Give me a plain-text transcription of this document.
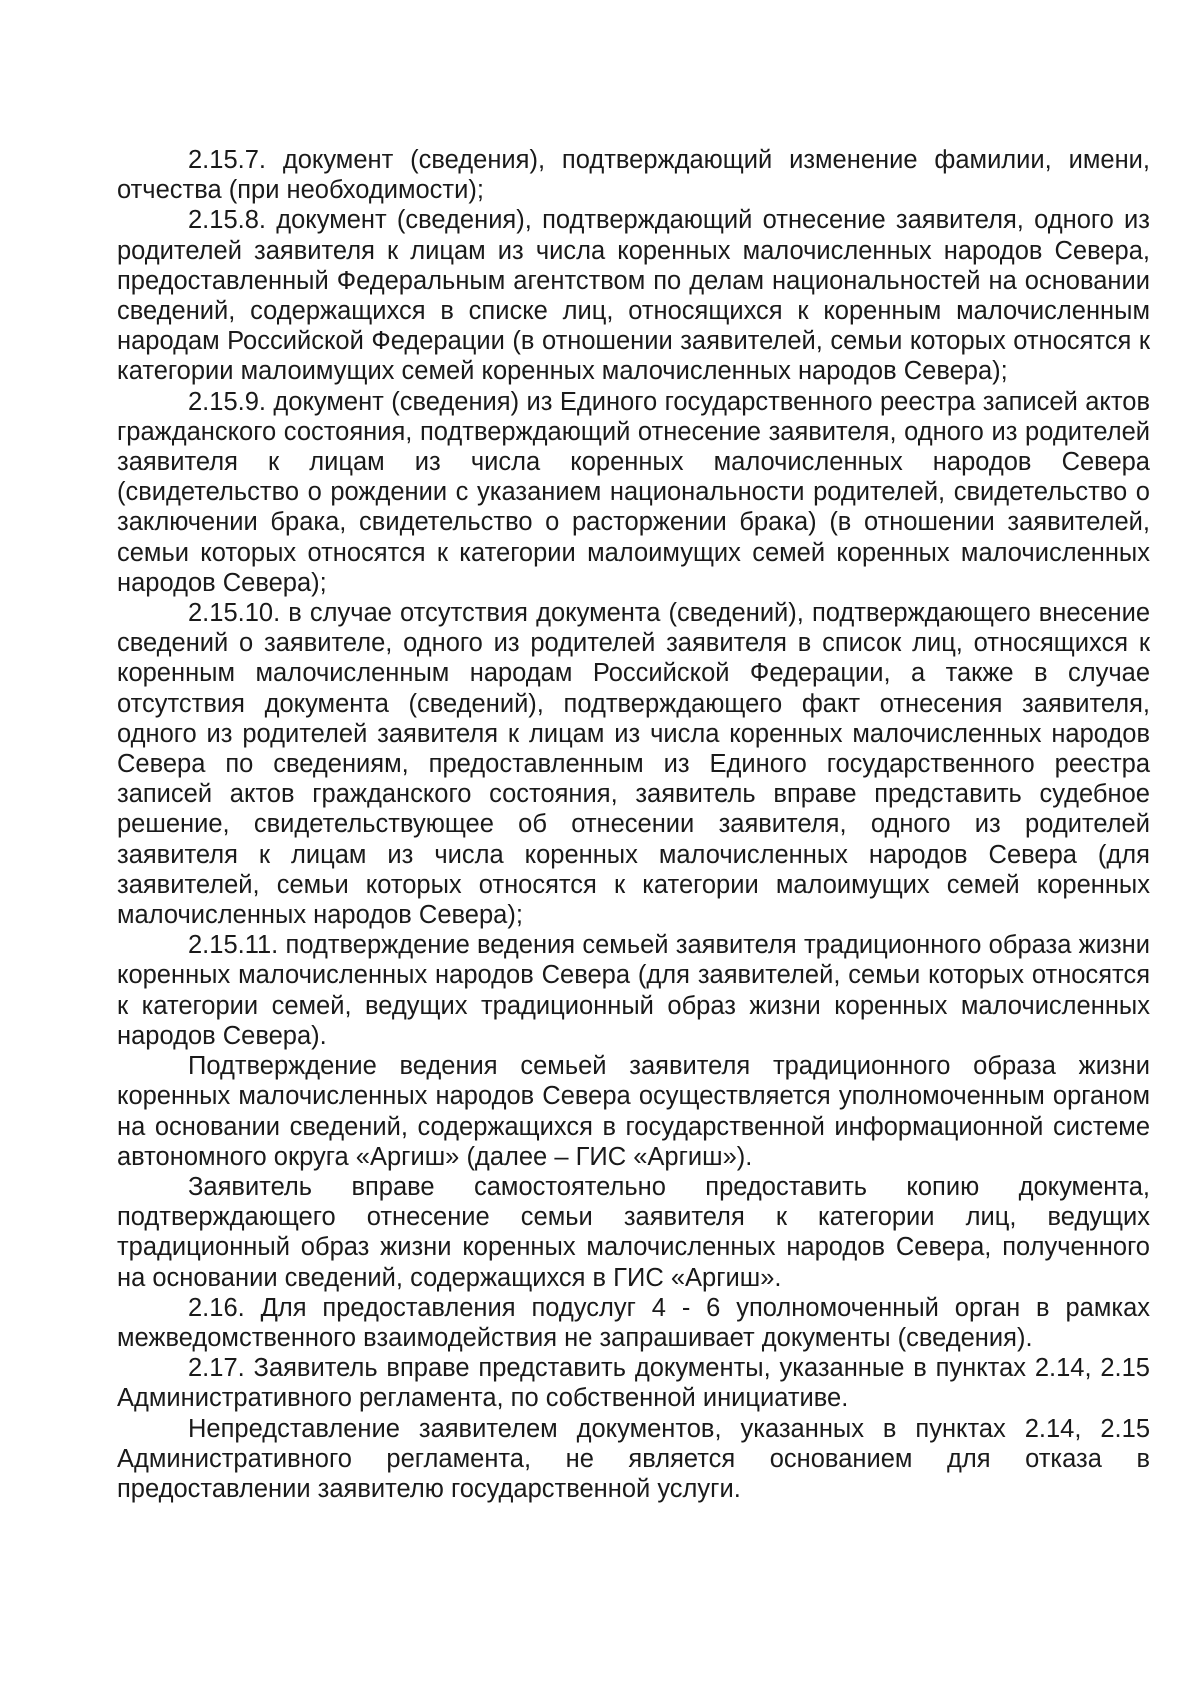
2.15.7. документ (сведения), подтверждающий изменение фамилии, имени, отчества (при необходимости);

2.15.8. документ (сведения), подтверждающий отнесение заявителя, одного из родителей заявителя к лицам из числа коренных малочисленных народов Севера, предоставленный Федеральным агентством по делам национальностей на основании сведений, содержащихся в списке лиц, относящихся к коренным малочисленным народам Российской Федерации (в отношении заявителей, семьи которых относятся к категории малоимущих семей коренных малочисленных народов Севера);

2.15.9. документ (сведения) из Единого государственного реестра записей актов гражданского состояния, подтверждающий отнесение заявителя, одного из родителей заявителя к лицам из числа коренных малочисленных народов Севера (свидетельство о рождении с указанием национальности родителей, свидетельство о заключении брака, свидетельство о расторжении брака) (в отношении заявителей, семьи которых относятся к категории малоимущих семей коренных малочисленных народов Севера);

2.15.10. в случае отсутствия документа (сведений), подтверждающего внесение сведений о заявителе, одного из родителей заявителя в список лиц, относящихся к коренным малочисленным народам Российской Федерации, а также в случае отсутствия документа (сведений), подтверждающего факт отнесения заявителя, одного из родителей заявителя к лицам из числа коренных малочисленных народов Севера по сведениям, предоставленным из Единого государственного реестра записей актов гражданского состояния, заявитель вправе представить судебное решение, свидетельствующее об отнесении заявителя, одного из родителей заявителя к лицам из числа коренных малочисленных народов Севера (для заявителей, семьи которых относятся к категории малоимущих семей коренных малочисленных народов Севера);

2.15.11. подтверждение ведения семьей заявителя традиционного образа жизни коренных малочисленных народов Севера (для заявителей, семьи которых относятся к категории семей, ведущих традиционный образ жизни коренных малочисленных народов Севера).

Подтверждение ведения семьей заявителя традиционного образа жизни коренных малочисленных народов Севера осуществляется уполномоченным органом на основании сведений, содержащихся в государственной информационной системе автономного округа «Аргиш» (далее – ГИС «Аргиш»).

Заявитель вправе самостоятельно предоставить копию документа, подтверждающего отнесение семьи заявителя к категории лиц, ведущих традиционный образ жизни коренных малочисленных народов Севера, полученного на основании сведений, содержащихся в ГИС «Аргиш».

2.16. Для предоставления подуслуг 4 - 6 уполномоченный орган в рамках межведомственного взаимодействия не запрашивает документы (сведения).

2.17. Заявитель вправе представить документы, указанные в пунктах 2.14, 2.15 Административного регламента, по собственной инициативе.

Непредставление заявителем документов, указанных в пунктах 2.14, 2.15 Административного регламента, не является основанием для отказа в предоставлении заявителю государственной услуги.
